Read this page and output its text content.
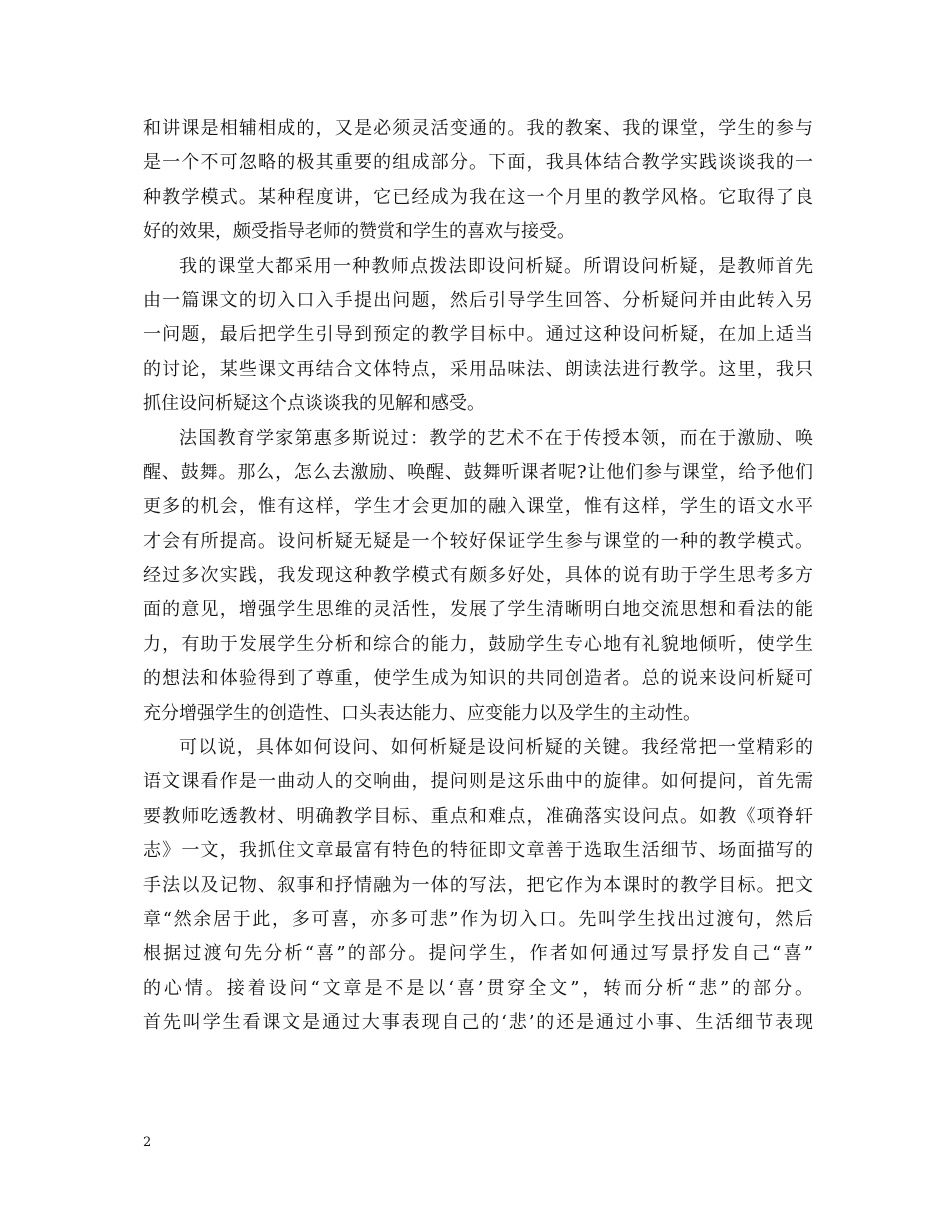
和讲课是相辅相成的，又是必须灵活变通的。我的教案、我的课堂，学生的参与
是一个不可忽略的极其重要的组成部分。下面，我具体结合教学实践谈谈我的一
种教学模式。某种程度讲，它已经成为我在这一个月里的教学风格。它取得了良
好的效果，颇受指导老师的赞赏和学生的喜欢与接受。
我的课堂大都采用一种教师点拨法即设问析疑。所谓设问析疑，是教师首先
由一篇课文的切入口入手提出问题，然后引导学生回答、分析疑问并由此转入另
一问题，最后把学生引导到预定的教学目标中。通过这种设问析疑，在加上适当
的讨论，某些课文再结合文体特点，采用品味法、朗读法进行教学。这里，我只
抓住设问析疑这个点谈谈我的见解和感受。
法国教育学家第惠多斯说过：教学的艺术不在于传授本领，而在于激励、唤
醒、鼓舞。那么，怎么去激励、唤醒、鼓舞听课者呢?让他们参与课堂，给予他们
更多的机会，惟有这样，学生才会更加的融入课堂，惟有这样，学生的语文水平
才会有所提高。设问析疑无疑是一个较好保证学生参与课堂的一种的教学模式。
经过多次实践，我发现这种教学模式有颇多好处，具体的说有助于学生思考多方
面的意见，增强学生思维的灵活性，发展了学生清晰明白地交流思想和看法的能
力，有助于发展学生分析和综合的能力，鼓励学生专心地有礼貌地倾听，使学生
的想法和体验得到了尊重，使学生成为知识的共同创造者。总的说来设问析疑可
充分增强学生的创造性、口头表达能力、应变能力以及学生的主动性。
可以说，具体如何设问、如何析疑是设问析疑的关键。我经常把一堂精彩的
语文课看作是一曲动人的交响曲，提问则是这乐曲中的旋律。如何提问，首先需
要教师吃透教材、明确教学目标、重点和难点，准确落实设问点。如教《项脊轩
志》一文，我抓住文章最富有特色的特征即文章善于选取生活细节、场面描写的
手法以及记物、叙事和抒情融为一体的写法，把它作为本课时的教学目标。把文
章“然余居于此，多可喜，亦多可悲”作为切入口。先叫学生找出过渡句，然后
根据过渡句先分析“喜”的部分。提问学生，作者如何通过写景抒发自己“喜”
的心情。接着设问“文章是不是以‘喜’贯穿全文”，转而分析“悲”的部分。
首先叫学生看课文是通过大事表现自己的‘悲’的还是通过小事、生活细节表现
2
